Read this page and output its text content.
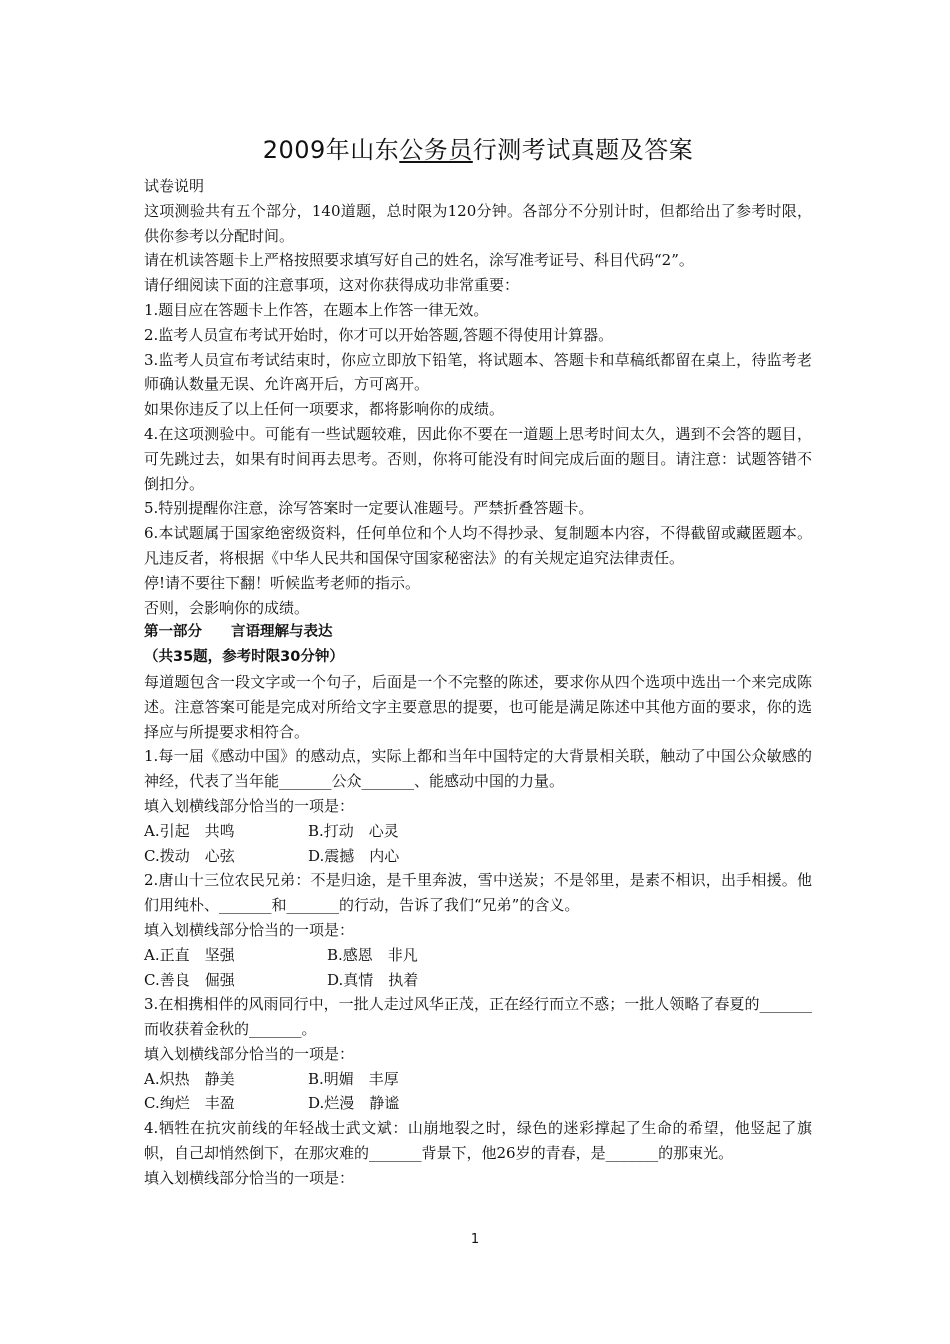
2009年山东公务员行测考试真题及答案

试卷说明

这项测验共有五个部分，140道题，总时限为120分钟。各部分不分别计时，但都给出了参考时限，供你参考以分配时间。

请在机读答题卡上严格按照要求填写好自己的姓名，涂写准考证号、科目代码“2”。

请仔细阅读下面的注意事项，这对你获得成功非常重要：

1.题目应在答题卡上作答，在题本上作答一律无效。

2.监考人员宣布考试开始时，你才可以开始答题,答题不得使用计算器。

3.监考人员宣布考试结束时，你应立即放下铅笔，将试题本、答题卡和草稿纸都留在桌上，待监考老师确认数量无误、允许离开后，方可离开。

如果你违反了以上任何一项要求，都将影响你的成绩。

4.在这项测验中。可能有一些试题较难，因此你不要在一道题上思考时间太久，遇到不会答的题目，可先跳过去，如果有时间再去思考。否则，你将可能没有时间完成后面的题目。请注意：试题答错不倒扣分。

5.特别提醒你注意，涂写答案时一定要认准题号。严禁折叠答题卡。

6.本试题属于国家绝密级资料，任何单位和个人均不得抄录、复制题本内容，不得截留或藏匿题本。凡违反者，将根据《中华人民共和国保守国家秘密法》的有关规定追究法律责任。

停!请不要往下翻！听候监考老师的指示。

否则，会影响你的成绩。

第一部分　　言语理解与表达

（共35题，参考时限30分钟）

每道题包含一段文字或一个句子，后面是一个不完整的陈述，要求你从四个选项中选出一个来完成陈述。注意答案可能是完成对所给文字主要意思的提要，也可能是满足陈述中其他方面的要求，你的选择应与所提要求相符合。

1.每一届《感动中国》的感动点，实际上都和当年中国特定的大背景相关联，触动了中国公众敏感的神经，代表了当年能_______公众_______、能感动中国的力量。

填入划横线部分恰当的一项是：

A.引起　共鸣	B.打动　心灵
C.拨动　心弦	D.震撼　内心

2.唐山十三位农民兄弟：不是归途，是千里奔波，雪中送炭；不是邻里，是素不相识，出手相援。他们用纯朴、_______和_______的行动，告诉了我们“兄弟”的含义。

填入划横线部分恰当的一项是：

A.正直　坚强	B.感恩　非凡
C.善良　倔强	D.真情　执着

3.在相携相伴的风雨同行中，一批人走过风华正茂，正在经行而立不惑；一批人领略了春夏的_______而收获着金秋的_______。

填入划横线部分恰当的一项是：

A.炽热　静美	B.明媚　丰厚
C.绚烂　丰盈	D.烂漫　静谧

4.牺牲在抗灾前线的年轻战士武文斌：山崩地裂之时，绿色的迷彩撑起了生命的希望，他竖起了旗帜，自己却悄然倒下，在那灾难的_______背景下，他26岁的青春，是_______的那束光。

填入划横线部分恰当的一项是：

1
